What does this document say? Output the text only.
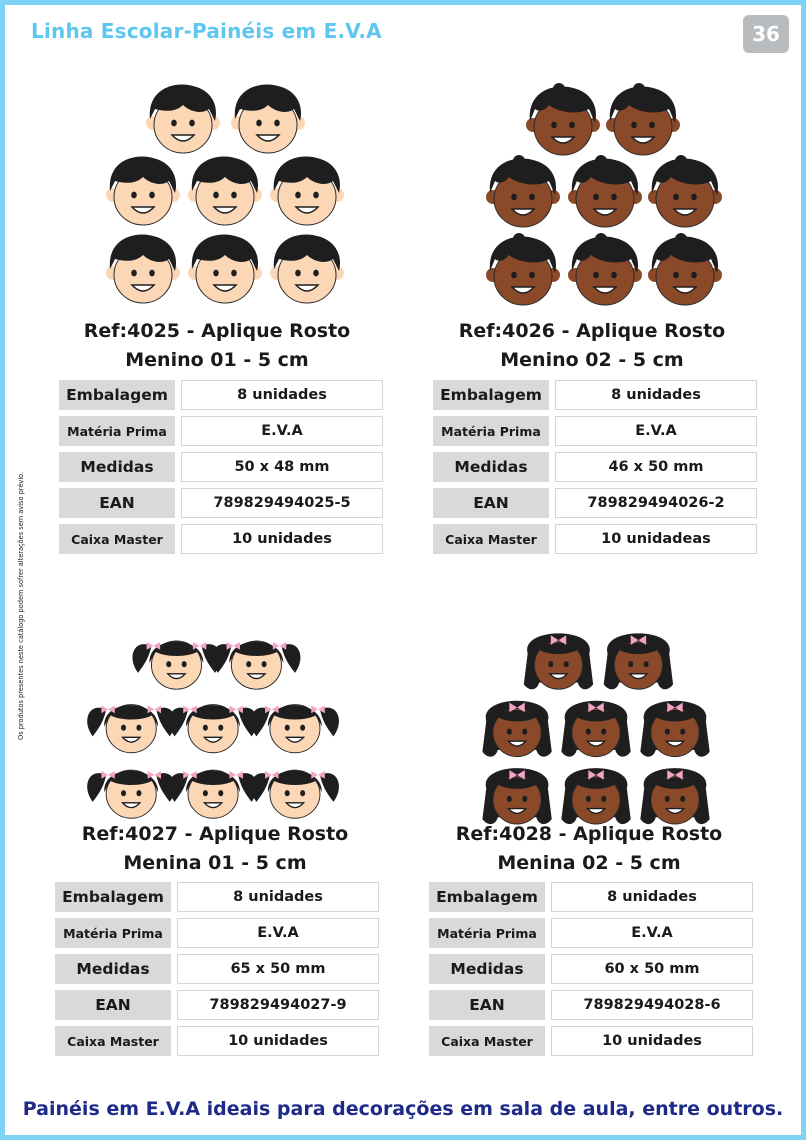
Linha Escolar-Painéis em E.V.A	36
Os produtos presentes neste catálogo podem sofrer alterações sem aviso prévio.
Ref:4025 - Aplique Rosto
Menino 01 - 5 cm
Embalagem	8 unidades
Matéria Prima	E.V.A
Medidas	50 x 48 mm
EAN	789829494025-5
Caixa Master	10 unidades
Ref:4026 - Aplique Rosto
Menino 02 - 5 cm
Embalagem	8 unidades
Matéria Prima	E.V.A
Medidas	46 x 50 mm
EAN	789829494026-2
Caixa Master	10 unidadeas
Ref:4027 - Aplique Rosto
Menina 01 - 5 cm
Embalagem	8 unidades
Matéria Prima	E.V.A
Medidas	65 x 50 mm
EAN	789829494027-9
Caixa Master	10 unidades
Ref:4028 - Aplique Rosto
Menina 02 - 5 cm
Embalagem	8 unidades
Matéria Prima	E.V.A
Medidas	60 x 50 mm
EAN	789829494028-6
Caixa Master	10 unidades
Painéis em E.V.A ideais para decorações em sala de aula, entre outros.
